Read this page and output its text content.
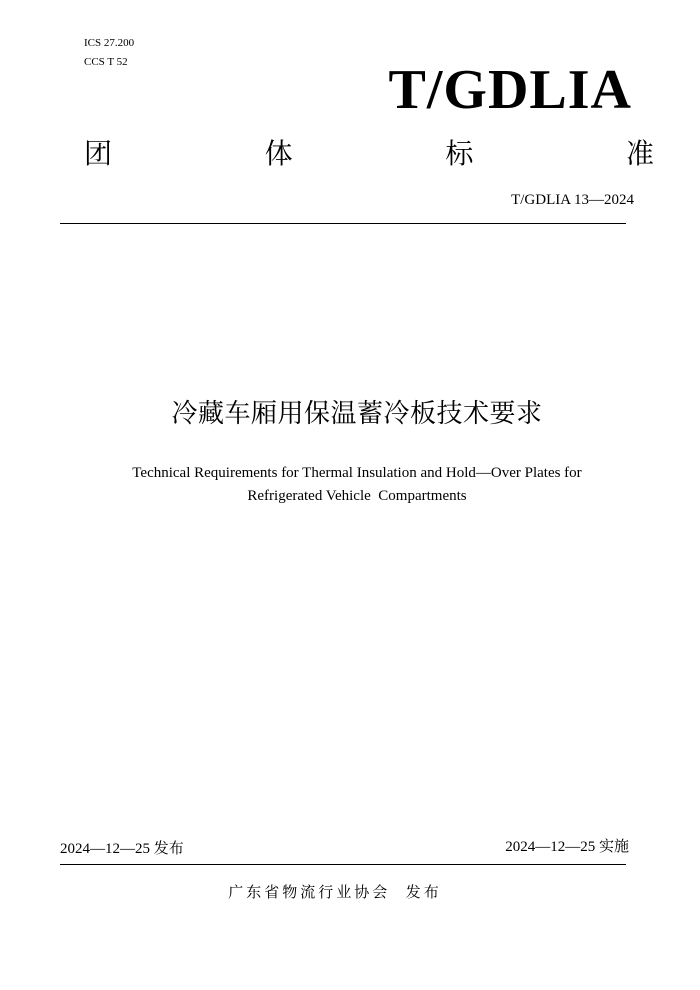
ICS 27.200
CCS T 52	T/GDLIA
团	体	标	准
T/GDLIA 13—2024
冷藏车厢用保温蓄冷板技术要求
Technical Requirements for Thermal Insulation and Hold—Over Plates for
Refrigerated Vehicle  Compartments
2024—12—25 发布	2024—12—25 实施
广东省物流行业协会  发布
